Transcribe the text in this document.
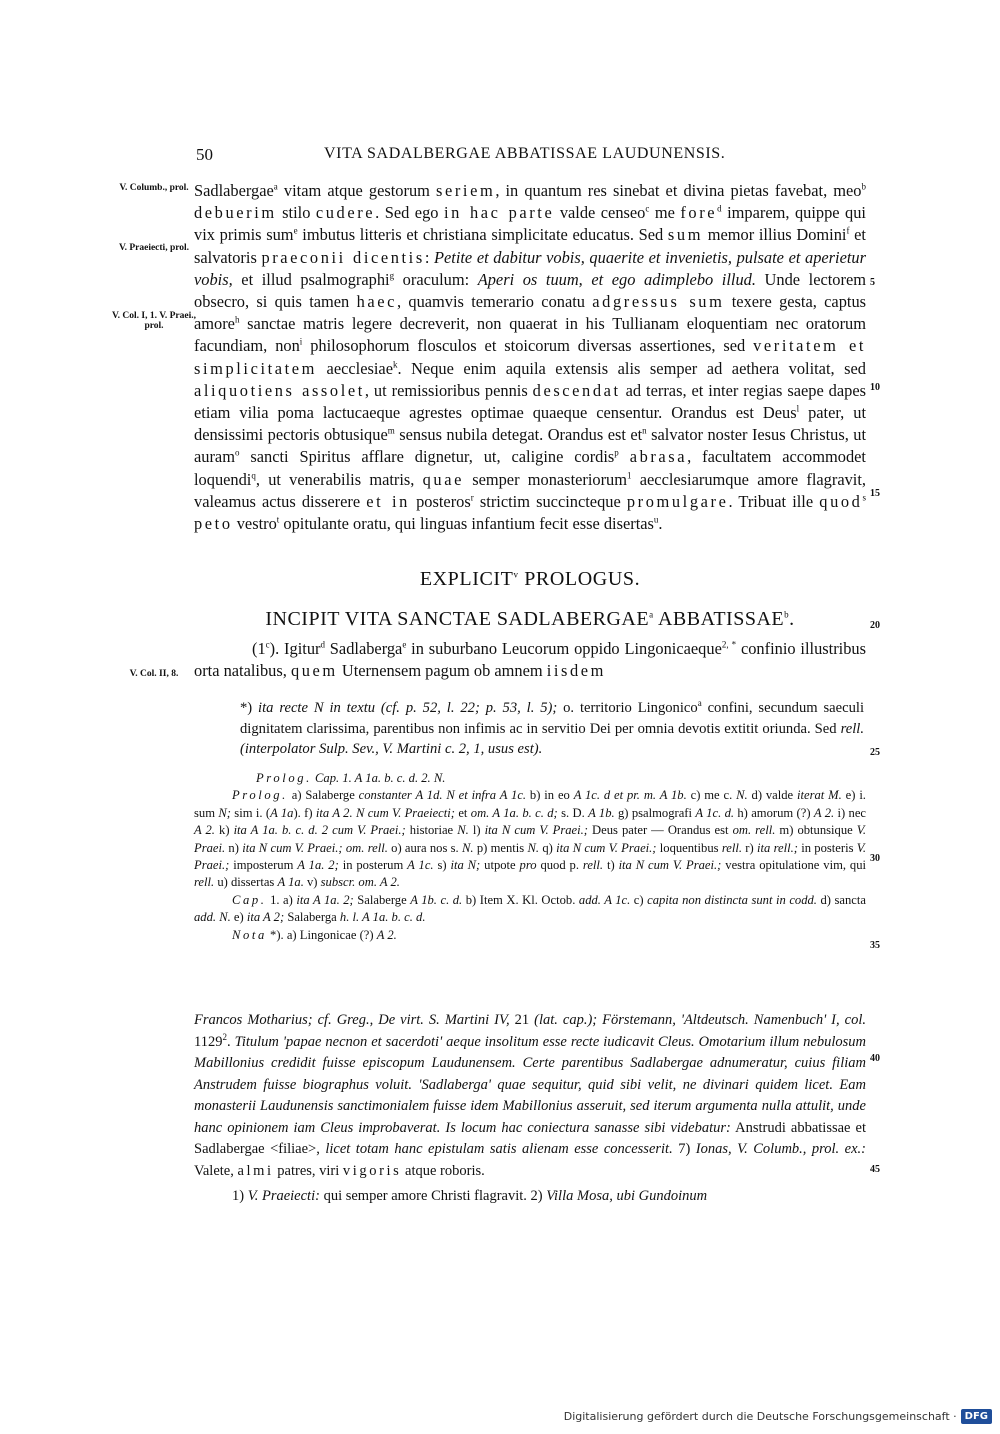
50	VITA SADALBERGAE ABBATISSAE LAUDUNENSIS.
V. Columb., prol.
V. Praeiecti, prol.
V. Col. I, 1. V. Praei., prol.
V. Col. II, 8.
5
10
15
20
25
30
35
40
45

Sadlabergae$^a$ vitam atque gestorum seriem, in quantum res sinebat et divina pietas favebat, meo$^b$ debuerim stilo cudere. Sed ego in hac parte valde censeo$^c$ me fore$^d$ imparem, quippe qui vix primis sum$^e$ imbutus litteris et christiana simplicitate educatus. Sed sum memor illius Domini$^f$ et salvatoris praeconii dicentis: Petite et dabitur vobis, quaerite et invenietis, pulsate et aperietur vobis, et illud psalmographi$^g$ oraculum: Aperi os tuum, et ego adimplebo illud. Unde lectorem obsecro, si quis tamen haec, quamvis temerario conatu adgressus sum texere gesta, captus amore$^h$ sanctae matris legere decreverit, non quaerat in his Tullianam eloquentiam nec oratorum facundiam, non$^i$ philosophorum flosculos et stoicorum diversas assertiones, sed veritatem et simplicitatem aecclesiae$^k$. Neque enim aquila extensis alis semper ad aethera volitat, sed aliquotiens assolet, ut remissioribus pennis descendat ad terras, et inter regias saepe dapes etiam vilia poma lactucaeque agrestes optimae quaeque censentur. Orandus est Deus$^l$ pater, ut densissimi pectoris obtusique$^m$ sensus nubila detegat. Orandus est $et^n$ salvator noster Iesus Christus, ut auram$^o$ sancti Spiritus afflare dignetur, ut, caligine cordis$^p$ abrasa, facultatem accommodet loquendi$^q$, ut venerabilis matris, quae semper monasteriorum$^1$ aecclesiarumque amore flagravit, valeamus actus disserere et in posteros$^r$ strictim succincteque promulgare. Tribuat ille quod$^s$ peto vestro$^t$ opitulante oratu, qui linguas infantium fecit esse disertas$^u$.

EXPLICIT$^v$ PROLOGUS.
INCIPIT VITA SANCTAE SADLABERGAE$^a$ ABBATISSAE$^b$.

(1$^c$). Igitur$^d$ Sadlaberga$^e$ in suburbano Leucorum oppido Lingonicaeque$^{2, *}$ confinio illustribus orta natalibus, quem Uternensem pagum ob amnem iisdem

*) ita recte N in textu (cf. p. 52, l. 22; p. 53, l. 5); o. territorio Lingonico$^a$ confini, secundum saeculi dignitatem clarissima, parentibus non infimis ac in servitio Dei per omnia devotis extitit oriunda. Sed rell. (interpolator Sulp. Sev., V. Martini c. 2, 1, usus est).

Prolog. Cap. 1. A 1a. b. c. d. 2. N.

Prolog. a) Salaberge constanter A 1d. N et infra A 1c. b) in eo A 1c. d et pr. m. A 1b. c) me c. N. d) valde iterat M. e) i. sum N; sim i. (A 1a). f) ita A 2. N cum V. Praeiecti; et om. A 1a. b. c. d; s. D. A 1b. g) psalmografi A 1c. d. h) amorum (?) A 2. i) nec A 2. k) ita A 1a. b. c. d. 2 cum V. Praei.; historiae N. l) ita N cum V. Praei.; Deus pater — Orandus est om. rell. m) obtunsique V. Praei. n) ita N cum V. Praei.; om. rell. o) aura nos s. N. p) mentis N. q) ita N cum V. Praei.; loquentibus rell. r) ita rell.; in posteris V. Praei.; imposterum A 1a. 2; in posterum A 1c. s) ita N; utpote pro quod p. rell. t) ita N cum V. Praei.; vestra opitulatione vim, qui rell. u) dissertas A 1a. v) subscr. om. A 2.

Cap. 1. a) ita A 1a. 2; Salaberge A 1b. c. d. b) Item X. Kl. Octob. add. A 1c. c) capita non distincta sunt in codd. d) sancta add. N. e) ita A 2; Salaberga h. l. A 1a. b. c. d.

Nota *). a) Lingonicae (?) A 2.

Francos Motharius; cf. Greg., De virt. S. Martini IV, 21 (lat. cap.); Förstemann, 'Altdeutsch. Namenbuch' I, col. 1129$^2$. Titulum 'papae necnon et sacerdoti' aeque insolitum esse recte iudicavit Cleus. Omotarium illum nebulosum Mabillonius credidit fuisse episcopum Laudunensem. Certe parentibus Sadlabergae adnumeratur, cuius filiam Anstrudem fuisse biographus voluit. 'Sadlaberga' quae sequitur, quid sibi velit, ne divinari quidem licet. Eam monasterii Laudunensis sanctimonialem fuisse idem Mabillonius asseruit, sed iterum argumenta nulla attulit, unde hanc opinionem iam Cleus improbaverat. Is locum hac coniectura sanasse sibi videbatur: Anstrudi abbatissae et Sadlabergae <filiae>, licet totam hanc epistulam satis alienam esse concesserit. 7) Ionas, V. Columb., prol. ex.: Valete, almi patres, viri vigoris atque roboris.

1) V. Praeiecti: qui semper amore Christi flagravit. 2) Villa Mosa, ubi Gundoinum

Digitalisierung gefördert durch die Deutsche Forschungsgemeinschaft · DFG
